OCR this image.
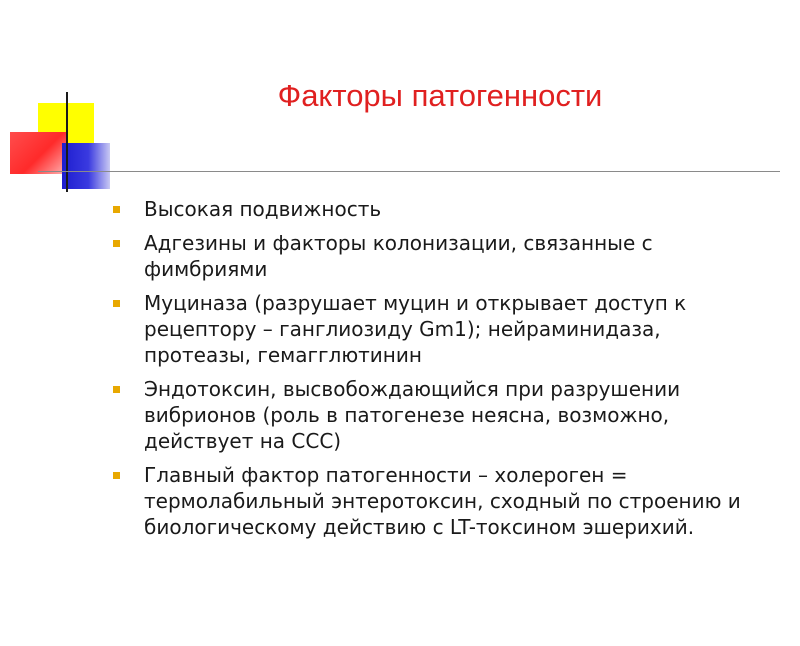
Факторы патогенности
Высокая подвижность
Адгезины и факторы колонизации, связанные с фимбриями
Муциназа (разрушает муцин и открывает доступ к рецептору – ганглиозиду Gm1); нейраминидаза, протеазы, гемагглютинин
Эндотоксин, высвобождающийся при разрушении вибрионов (роль в патогенезе неясна, возможно, действует на ССС)
Главный фактор патогенности – холероген = термолабильный энтеротоксин, сходный по строению и биологическому действию с LT-токсином эшерихий.
